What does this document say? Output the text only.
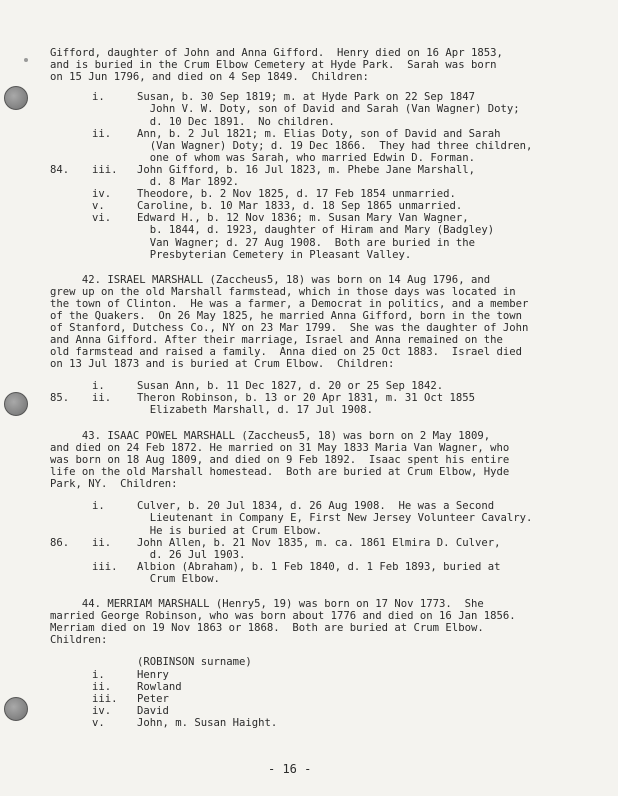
Gifford, daughter of John and Anna Gifford.  Henry died on 16 Apr 1853,
and is buried in the Crum Elbow Cemetery at Hyde Park.  Sarah was born
on 15 Jun 1796, and died on 4 Sep 1849.  Children:
i.	Susan, b. 30 Sep 1819; m. at Hyde Park on 22 Sep 1847
John V. W. Doty, son of David and Sarah (Van Wagner) Doty;
d. 10 Dec 1891.  No children.
ii. Ann, b. 2 Jul 1821; m. Elias Doty, son of David and Sarah
(Van Wagner) Doty; d. 19 Dec 1866.  They had three children,
one of whom was Sarah, who married Edwin D. Forman.
84. iii. John Gifford, b. 16 Jul 1823, m. Phebe Jane Marshall,
d. 8 Mar 1892.
iv. Theodore, b. 2 Nov 1825, d. 17 Feb 1854 unmarried.
v.	Caroline, b. 10 Mar 1833, d. 18 Sep 1865 unmarried.
vi. Edward H., b. 12 Nov 1836; m. Susan Mary Van Wagner,
b. 1844, d. 1923, daughter of Hiram and Mary (Badgley)
Van Wagner; d. 27 Aug 1908.  Both are buried in the
Presbyterian Cemetery in Pleasant Valley.
42. ISRAEL MARSHALL (Zaccheus5, 18) was born on 14 Aug 1796, and
grew up on the old Marshall farmstead, which in those days was located in
the town of Clinton.  He was a farmer, a Democrat in politics, and a member
of the Quakers.  On 26 May 1825, he married Anna Gifford, born in the town
of Stanford, Dutchess Co., NY on 23 Mar 1799.  She was the daughter of John
and Anna Gifford. After their marriage, Israel and Anna remained on the
old farmstead and raised a family.  Anna died on 25 Oct 1883.  Israel died
on 13 Jul 1873 and is buried at Crum Elbow.  Children:
i.	Susan Ann, b. 11 Dec 1827, d. 20 or 25 Sep 1842.
85. ii. Theron Robinson, b. 13 or 20 Apr 1831, m. 31 Oct 1855
Elizabeth Marshall, d. 17 Jul 1908.
43. ISAAC POWEL MARSHALL (Zaccheus5, 18) was born on 2 May 1809,
and died on 24 Feb 1872. He married on 31 May 1833 Maria Van Wagner, who
was born on 18 Aug 1809, and died on 9 Feb 1892.  Isaac spent his entire
life on the old Marshall homestead.  Both are buried at Crum Elbow, Hyde
Park, NY.  Children:
i.	Culver, b. 20 Jul 1834, d. 26 Aug 1908.  He was a Second
Lieutenant in Company E, First New Jersey Volunteer Cavalry.
He is buried at Crum Elbow.
86. ii. John Allen, b. 21 Nov 1835, m. ca. 1861 Elmira D. Culver,
d. 26 Jul 1903.
iii. Albion (Abraham), b. 1 Feb 1840, d. 1 Feb 1893, buried at
Crum Elbow.
44. MERRIAM MARSHALL (Henry5, 19) was born on 17 Nov 1773.  She
married George Robinson, who was born about 1776 and died on 16 Jan 1856.
Merriam died on 19 Nov 1863 or 1868.  Both are buried at Crum Elbow.
Children:
(ROBINSON surname)
i.	Henry
ii. Rowland
iii. Peter
iv. David
v.	John, m. Susan Haight.
- 16 -
